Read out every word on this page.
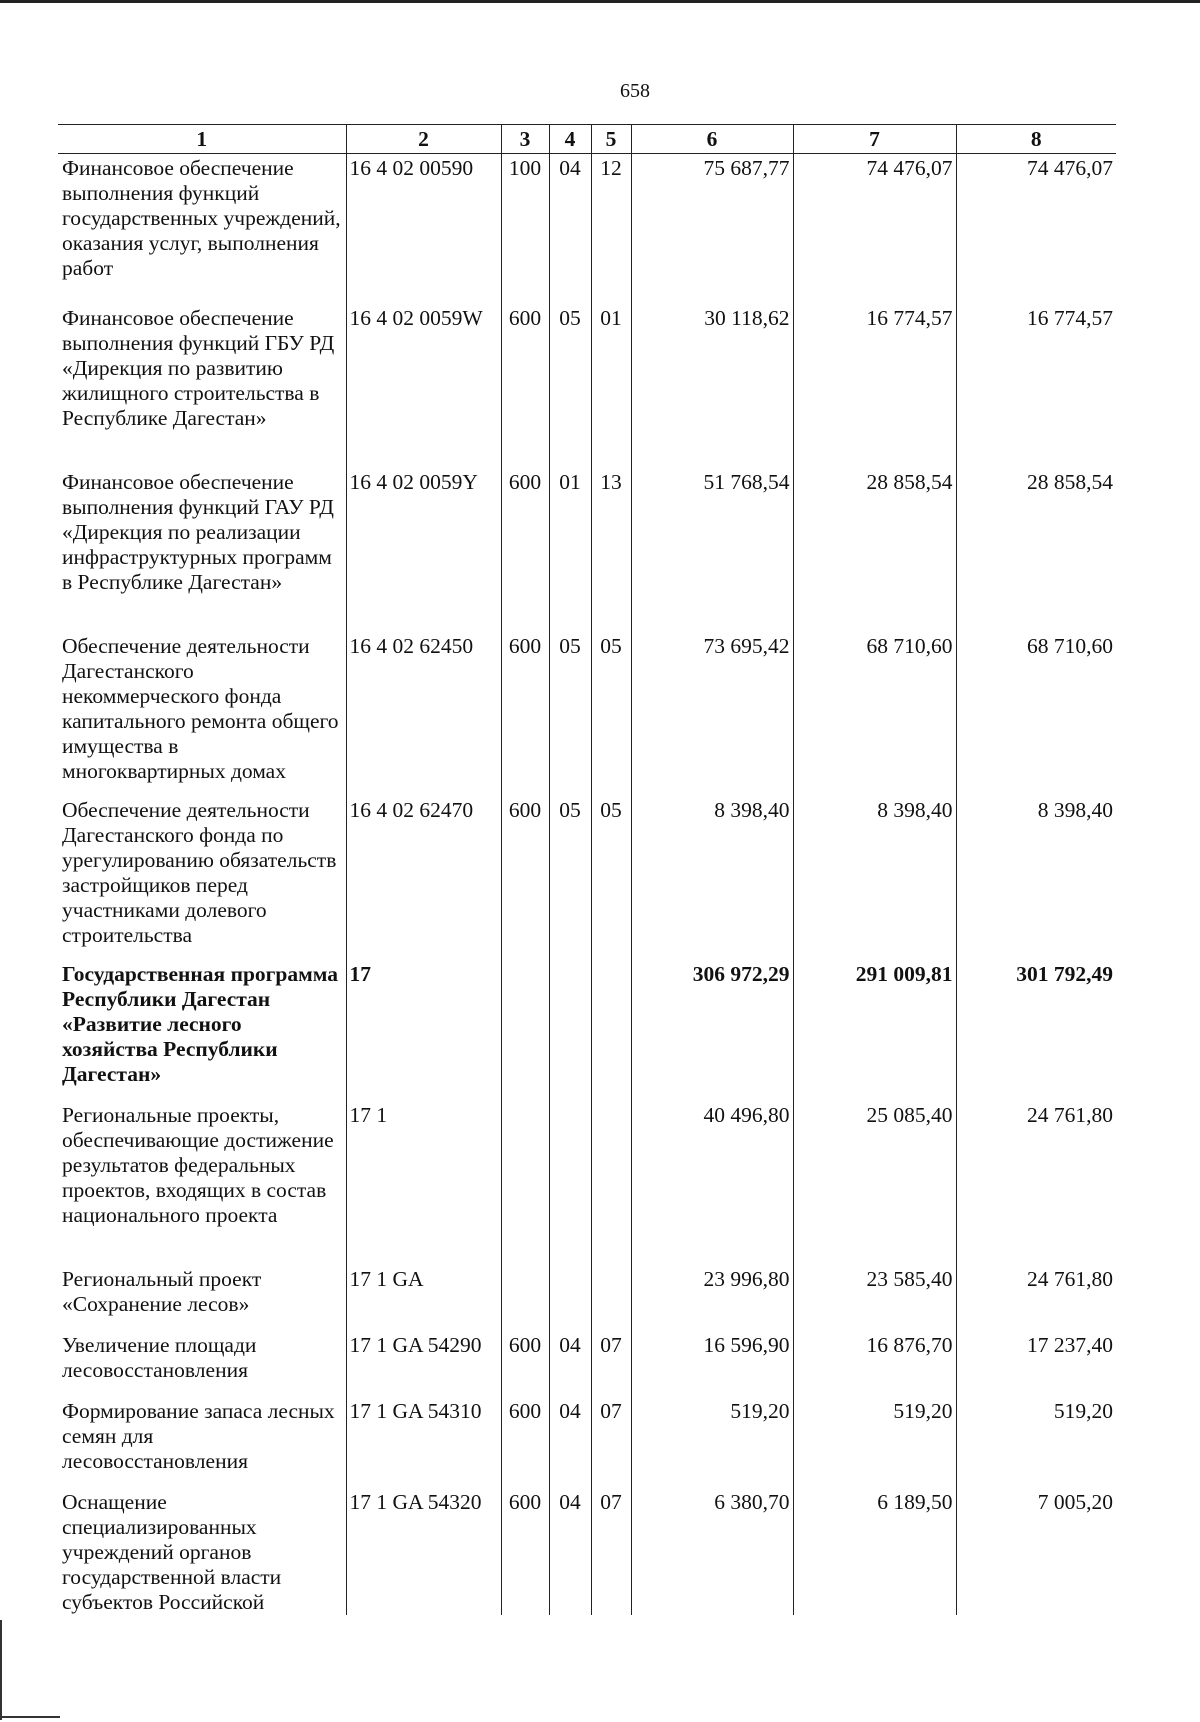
658
1	2	3	4	5	6	7	8
Финансовое обеспечение выполнения функций государственных учреждений, оказания услуг, выполнения работ	16 4 02 00590	100	04	12	75 687,77	74 476,07	74 476,07
Финансовое обеспечение выполнения функций ГБУ РД «Дирекция по развитию жилищного строительства в Республике Дагестан»	16 4 02 0059W	600	05	01	30 118,62	16 774,57	16 774,57
Финансовое обеспечение выполнения функций ГАУ РД «Дирекция по реализации инфраструктурных программ в Республике Дагестан»	16 4 02 0059Y	600	01	13	51 768,54	28 858,54	28 858,54
Обеспечение деятельности Дагестанского некоммерческого фонда капитального ремонта общего имущества в многоквартирных домах	16 4 02 62450	600	05	05	73 695,42	68 710,60	68 710,60
Обеспечение деятельности Дагестанского фонда по урегулированию обязательств застройщиков перед участниками долевого строительства	16 4 02 62470	600	05	05	8 398,40	8 398,40	8 398,40
Государственная программа Республики Дагестан «Развитие лесного хозяйства Республики Дагестан»	17				306 972,29	291 009,81	301 792,49
Региональные проекты, обеспечивающие достижение результатов федеральных проектов, входящих в состав национального проекта	17 1				40 496,80	25 085,40	24 761,80
Региональный проект «Сохранение лесов»	17 1 GA				23 996,80	23 585,40	24 761,80
Увеличение площади лесовосстановления	17 1 GA 54290	600	04	07	16 596,90	16 876,70	17 237,40
Формирование запаса лесных семян для лесовосстановления	17 1 GA 54310	600	04	07	519,20	519,20	519,20
Оснащение специализированных учреждений органов государственной власти субъектов Российской	17 1 GA 54320	600	04	07	6 380,70	6 189,50	7 005,20
